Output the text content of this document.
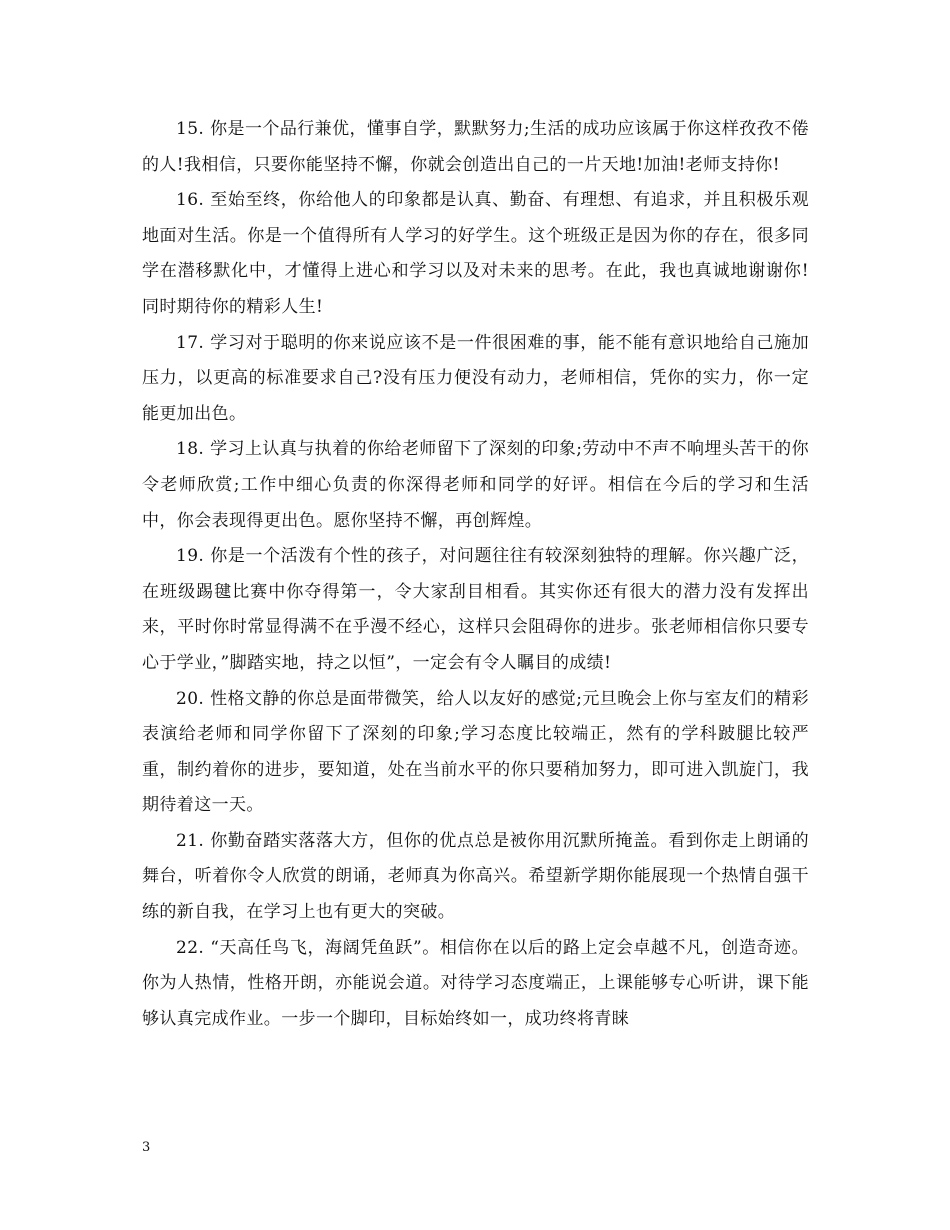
15. 你是一个品行兼优，懂事自学，默默努力;生活的成功应该属于你这样孜孜不倦的人!我相信，只要你能坚持不懈，你就会创造出自己的一片天地!加油!老师支持你!

16. 至始至终，你给他人的印象都是认真、勤奋、有理想、有追求，并且积极乐观地面对生活。你是一个值得所有人学习的好学生。这个班级正是因为你的存在，很多同学在潜移默化中，才懂得上进心和学习以及对未来的思考。在此，我也真诚地谢谢你!同时期待你的精彩人生!

17. 学习对于聪明的你来说应该不是一件很困难的事，能不能有意识地给自己施加压力，以更高的标准要求自己?没有压力便没有动力，老师相信，凭你的实力，你一定能更加出色。

18. 学习上认真与执着的你给老师留下了深刻的印象;劳动中不声不响埋头苦干的你令老师欣赏;工作中细心负责的你深得老师和同学的好评。相信在今后的学习和生活中，你会表现得更出色。愿你坚持不懈，再创辉煌。

19. 你是一个活泼有个性的孩子，对问题往往有较深刻独特的理解。你兴趣广泛，在班级踢毽比赛中你夺得第一，令大家刮目相看。其实你还有很大的潜力没有发挥出来，平时你时常显得满不在乎漫不经心，这样只会阻碍你的进步。张老师相信你只要专心于学业，”脚踏实地，持之以恒”，一定会有令人瞩目的成绩!

20. 性格文静的你总是面带微笑，给人以友好的感觉;元旦晚会上你与室友们的精彩表演给老师和同学你留下了深刻的印象;学习态度比较端正，然有的学科跛腿比较严重，制约着你的进步，要知道，处在当前水平的你只要稍加努力，即可进入凯旋门，我期待着这一天。

21. 你勤奋踏实落落大方，但你的优点总是被你用沉默所掩盖。看到你走上朗诵的舞台，听着你令人欣赏的朗诵，老师真为你高兴。希望新学期你能展现一个热情自强干练的新自我，在学习上也有更大的突破。

22. “天高任鸟飞，海阔凭鱼跃”。相信你在以后的路上定会卓越不凡，创造奇迹。你为人热情，性格开朗，亦能说会道。对待学习态度端正，上课能够专心听讲，课下能够认真完成作业。一步一个脚印，目标始终如一，成功终将青睐

3
